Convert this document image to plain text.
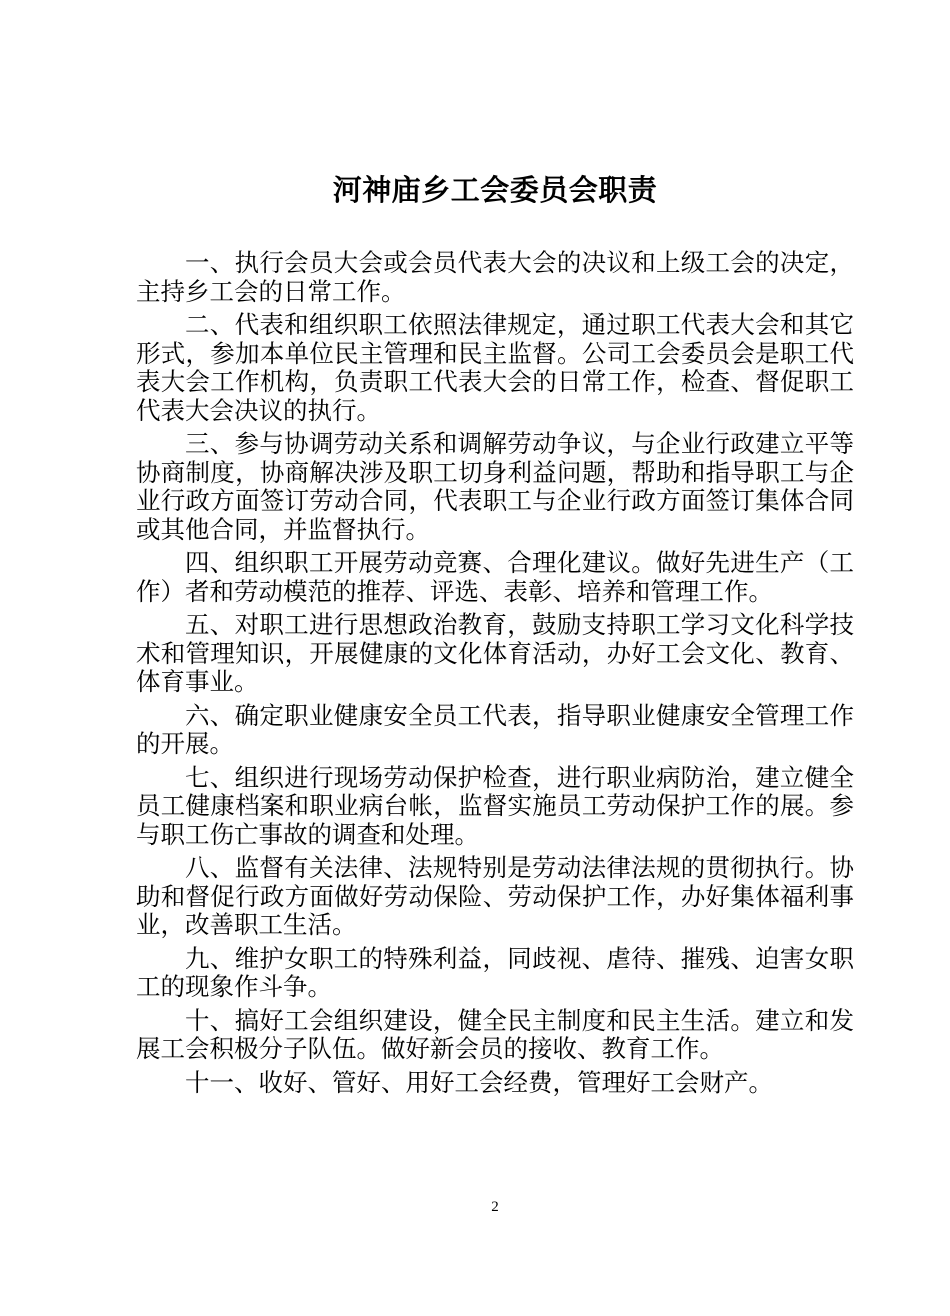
河神庙乡工会委员会职责

一、执行会员大会或会员代表大会的决议和上级工会的决定，主持乡工会的日常工作。

二、代表和组织职工依照法律规定，通过职工代表大会和其它形式，参加本单位民主管理和民主监督。公司工会委员会是职工代表大会工作机构，负责职工代表大会的日常工作，检查、督促职工代表大会决议的执行。

三、参与协调劳动关系和调解劳动争议，与企业行政建立平等协商制度，协商解决涉及职工切身利益问题，帮助和指导职工与企业行政方面签订劳动合同，代表职工与企业行政方面签订集体合同或其他合同，并监督执行。

四、组织职工开展劳动竞赛、合理化建议。做好先进生产（工作）者和劳动模范的推荐、评选、表彰、培养和管理工作。

五、对职工进行思想政治教育，鼓励支持职工学习文化科学技术和管理知识，开展健康的文化体育活动，办好工会文化、教育、体育事业。

六、确定职业健康安全员工代表，指导职业健康安全管理工作的开展。

七、组织进行现场劳动保护检查，进行职业病防治，建立健全员工健康档案和职业病台帐，监督实施员工劳动保护工作的展。参与职工伤亡事故的调查和处理。

八、监督有关法律、法规特别是劳动法律法规的贯彻执行。协助和督促行政方面做好劳动保险、劳动保护工作，办好集体福利事业，改善职工生活。

九、维护女职工的特殊利益，同歧视、虐待、摧残、迫害女职工的现象作斗争。

十、搞好工会组织建设，健全民主制度和民主生活。建立和发展工会积极分子队伍。做好新会员的接收、教育工作。

十一、收好、管好、用好工会经费，管理好工会财产。

2
